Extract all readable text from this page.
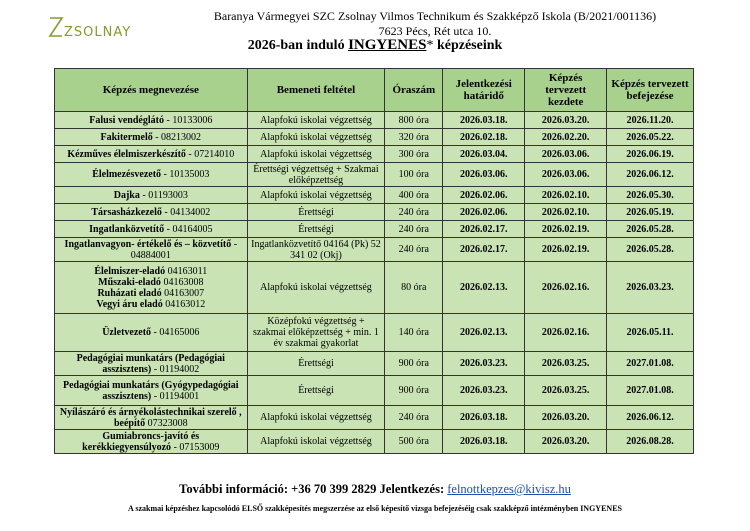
ZSOLNAY
Baranya Vármegyei SZC Zsolnay Vilmos Technikum és Szakképző Iskola (B/2021/001136)
7623 Pécs, Rét utca 10.
2026-ban induló INGYENES* képzéseink
Képzés megnevezése	Bemeneti feltétel	Óraszám	Jelentkezési határidő	Képzés tervezett kezdete	Képzés tervezett befejezése

Falusi vendéglátó - 10133006	Alapfokú iskolai végzettség	800 óra	2026.03.18.	2026.03.20.	2026.11.20.

Fakitermelő - 08213002	Alapfokú iskolai végzettség	320 óra	2026.02.18.	2026.02.20.	2026.05.22.

Kézműves élelmiszerkészítő - 07214010	Alapfokú iskolai végzettség	300 óra	2026.03.04.	2026.03.06.	2026.06.19.

Élelmezésvezető - 10135003	Érettségi végzettség + Szakmai előképzettség	100 óra	2026.03.06.	2026.03.06.	2026.06.12.

Dajka - 01193003	Alapfokú iskolai végzettség	400 óra	2026.02.06.	2026.02.10.	2026.05.30.

Társasházkezelő - 04134002	Érettségi	240 óra	2026.02.06.	2026.02.10.	2026.05.19.

Ingatlanközvetítő - 04164005	Érettségi	240 óra	2026.02.17.	2026.02.19.	2026.05.28.

Ingatlanvagyon- értékelő és – közvetítő - 04884001	Ingatlanközvetítő 04164 (Pk) 52 341 02 (Okj)	240 óra	2026.02.17.	2026.02.19.	2026.05.28.

Élelmiszer-eladó 04163011
Műszaki-eladó 04163008
Ruházati eladó 04163007
Vegyi áru eladó 04163012	Alapfokú iskolai végzettség	80 óra	2026.02.13.	2026.02.16.	2026.03.23.

Üzletvezető - 04165006	Középfokú végzettség + szakmai előképzettség + min. 1 év szakmai gyakorlat	140 óra	2026.02.13.	2026.02.16.	2026.05.11.

Pedagógiai munkatárs (Pedagógiai asszisztens) - 01194002	Érettségi	900 óra	2026.03.23.	2026.03.25.	2027.01.08.

Pedagógiai munkatárs (Gyógypedagógiai asszisztens) - 01194001	Érettségi	900 óra	2026.03.23.	2026.03.25.	2027.01.08.

Nyílászáró és árnyékolástechnikai szerelő , beépítő 07323008	Alapfokú iskolai végzettség	240 óra	2026.03.18.	2026.03.20.	2026.06.12.

Gumiabroncs-javító és kerékkiegyensúlyozó - 07153009	Alapfokú iskolai végzettség	500 óra	2026.03.18.	2026.03.20.	2026.08.28.
További információ: +36 70 399 2829 Jelentkezés: felnottkepzes@kivisz.hu
A szakmai képzéshez kapcsolódó ELSŐ szakképesítés megszerzése az első képesítő vizsga befejezéséig csak szakképző intézményben INGYENES
